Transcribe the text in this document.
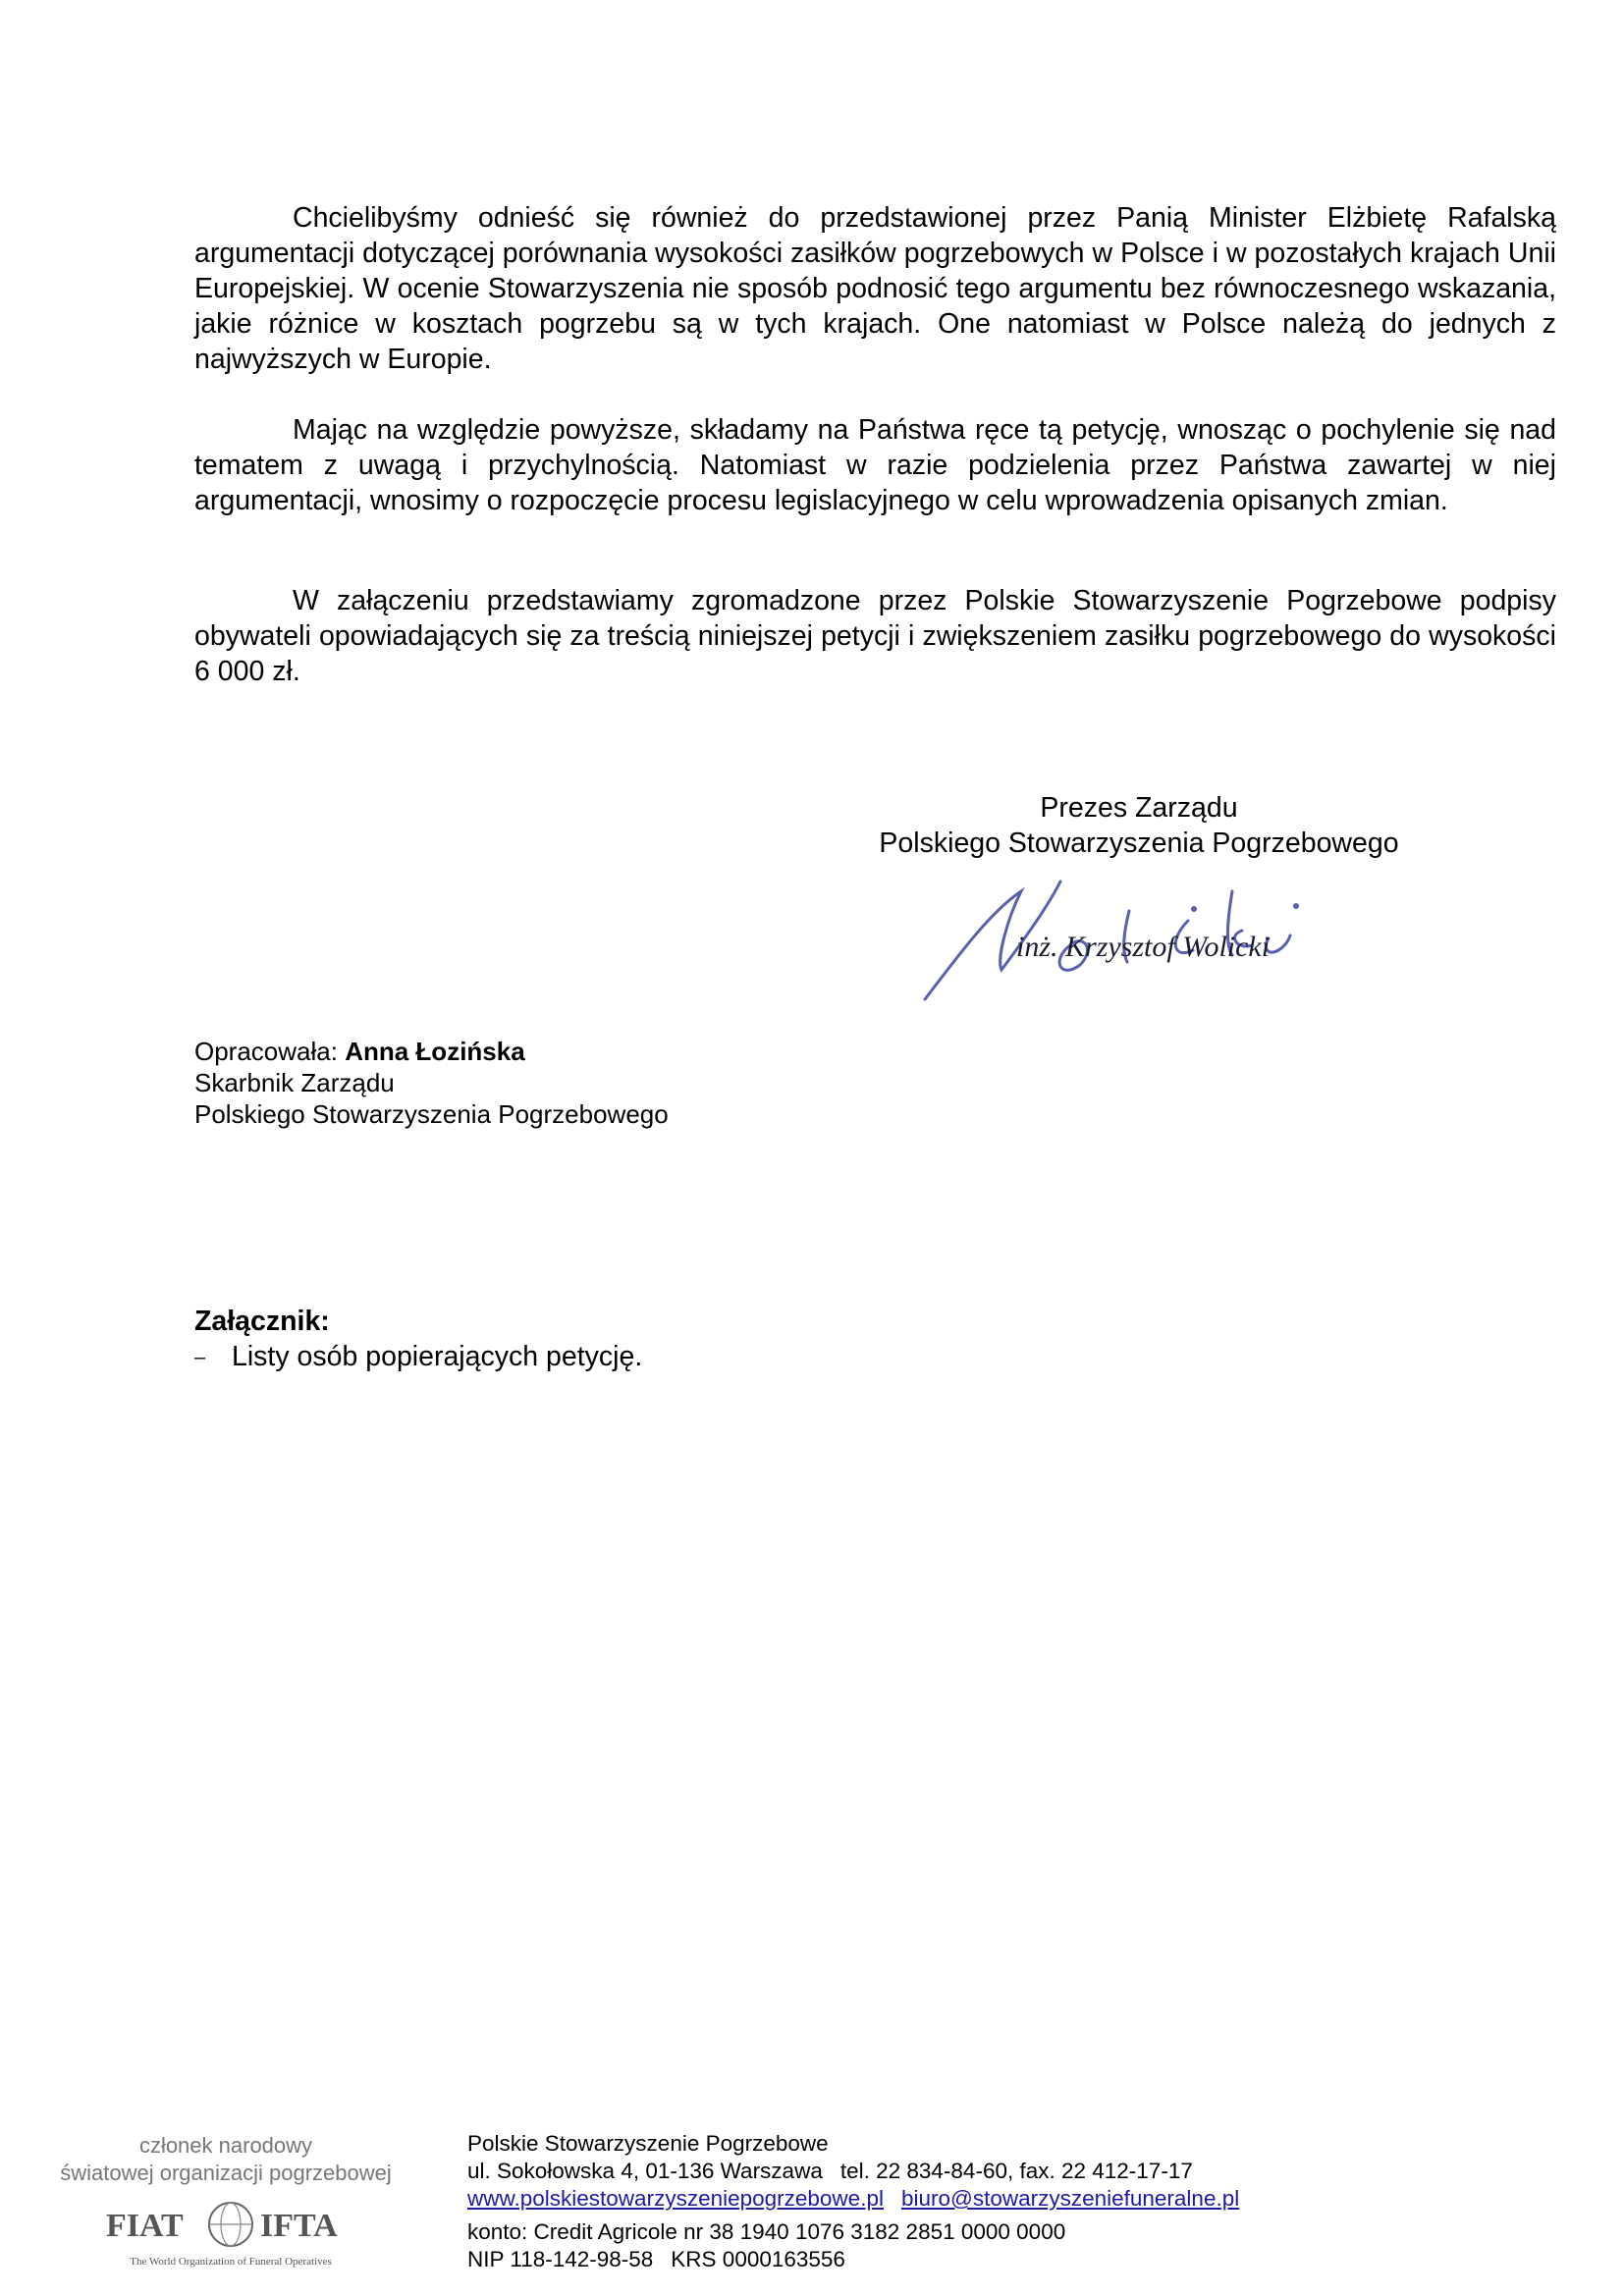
Chcielibyśmy odnieść się również do przedstawionej przez Panią Minister Elżbietę Rafalską argumentacji dotyczącej porównania wysokości zasiłków pogrzebowych w Polsce i w pozostałych krajach Unii Europejskiej. W ocenie Stowarzyszenia nie sposób podnosić tego argumentu bez równoczesnego wskazania, jakie różnice w kosztach pogrzebu są w tych krajach. One natomiast w Polsce należą do jednych z najwyższych w Europie.

Mając na względzie powyższe, składamy na Państwa ręce tą petycję, wnosząc o pochylenie się nad tematem z uwagą i przychylnością. Natomiast w razie podzielenia przez Państwa zawartej w niej argumentacji, wnosimy o rozpoczęcie procesu legislacyjnego w celu wprowadzenia opisanych zmian.

W załączeniu przedstawiamy zgromadzone przez Polskie Stowarzyszenie Pogrzebowe podpisy obywateli opowiadających się za treścią niniejszej petycji i zwiększeniem zasiłku pogrzebowego do wysokości 6 000 zł.

Prezes Zarządu
Polskiego Stowarzyszenia Pogrzebowego
inż. Krzysztof Wolicki
Opracowała: Anna Łozińska
Skarbnik Zarządu
Polskiego Stowarzyszenia Pogrzebowego
Załącznik:
– Listy osób popierających petycję.
członek narodowy
światowej organizacji pogrzebowej
FIAT IFTA
The World Organization of Funeral Operatives
Polskie Stowarzyszenie Pogrzebowe
ul. Sokołowska 4, 01-136 Warszawa tel. 22 834-84-60, fax. 22 412-17-17
www.polskiestowarzyszeniepogrzebowe.pl biuro@stowarzyszeniefuneralne.pl
konto: Credit Agricole nr 38 1940 1076 3182 2851 0000 0000
NIP 118-142-98-58 KRS 0000163556
